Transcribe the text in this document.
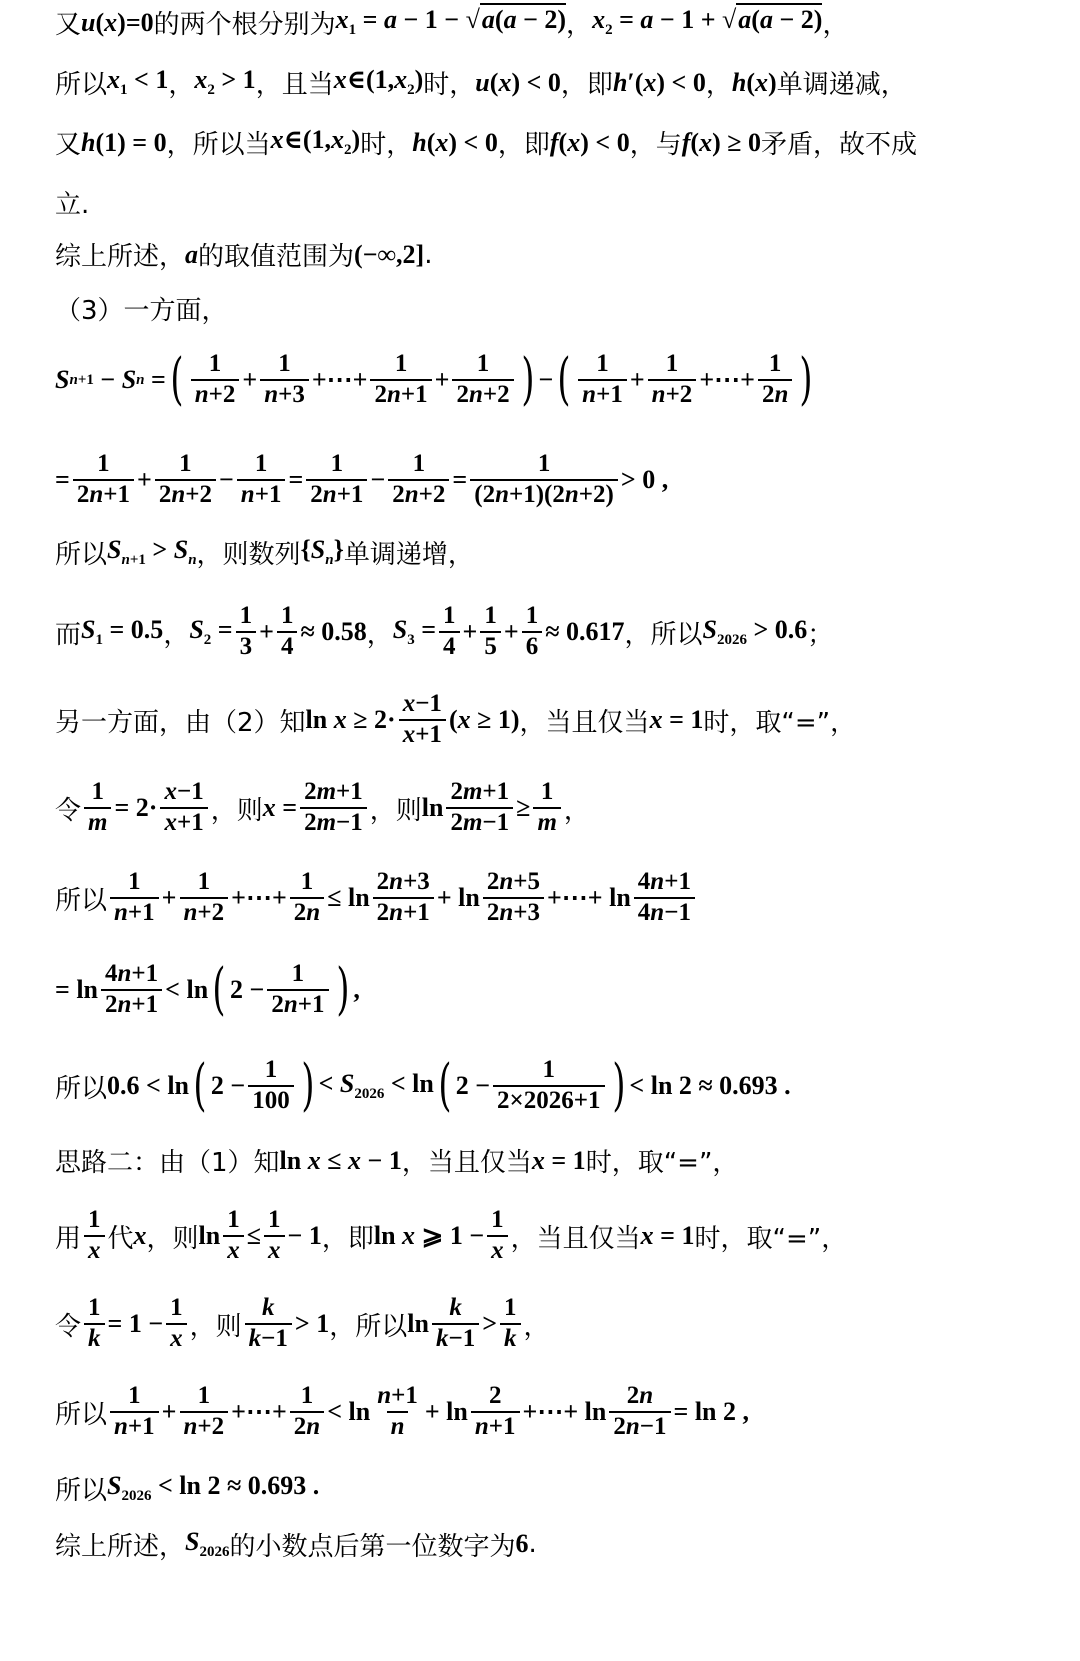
又 u(x)=0 的两个根分别为 $x_1 = a - 1 - √a(a - 2)$ ， $x_2 = a - 1 + √a(a - 2)$ ，
所以 $x_1 < 1$ ， $x_2 > 1$ ，且当 $x\in(1,x_2)$ 时， u(x) < 0 ，即 h′(x) < 0 ， h(x) 单调递减，
又 h(1) = 0 ，所以当 $x\in(1,x_2)$ 时， h(x) < 0 ，即 f(x) < 0 ，与 f(x) ≥ 0 矛盾，故不成
立.
综上所述， a 的取值范围为 (−∞,2] .
（3）一方面，
S n+1 − S n = ( $\frac{1}{n+2} + \frac{1}{n+3}$ +⋯+ $\frac{1}{2n+1} + \frac{1}{2n+2}$ ) − ( $\frac{1}{n+1} + \frac{1}{n+2}$ +⋯+ $\frac{1}{2n}$ )
= $\frac{1}{2n+1} + \frac{1}{2n+2} - \frac{1}{n+1} = \frac{1}{2n+1} - \frac{1}{2n+2} = \frac{1}{(2n+1)(2n+2)} > 0$ ,
所以 $S_{n+1} > S_n$ ，则数列 $\{S_n\}$ 单调递增，
而 $S_1 = 0.5$ ， $S_2 = \frac{1}{3} + \frac{1}{4} \approx 0.58$ ， $S_3 = \frac{1}{4} + \frac{1}{5} + \frac{1}{6} \approx 0.617$ ，所以 $S_{2026} > 0.6$ ；
另一方面，由（2）知 $\ln x \ge 2\cdot \frac{x-1}{x+1} (x \ge 1)$ ，当且仅当 x = 1 时，取“=”，
令 $\frac{1}{m} = 2\cdot \frac{x-1}{x+1}$ ，则 $x = \frac{2m+1}{2m-1}$ ，则 $\ln \frac{2m+1}{2m-1} \ge \frac{1}{m}$ ，
所以 $\frac{1}{n+1} + \frac{1}{n+2}$ +⋯+ $\frac{1}{2n} \le \ln \frac{2n+3}{2n+1} + \ln \frac{2n+5}{2n+3}$ +⋯+ $\ln \frac{4n+1}{4n-1}$
= $\ln \frac{4n+1}{2n+1} < \ln$ ( $2 - \frac{1}{2n+1}$ ) ,
所以 0.6 < ln ( $2 - \frac{1}{100}$ ) < $S_{2026} < \ln$ ( $2 - \frac{1}{2\times 2026+1}$ ) < ln 2 ≈ 0.693 .
思路二：由（1）知 ln x ≤ x − 1 ，当且仅当 x = 1 时，取“=”，
用 $\frac{1}{x}$ 代 x ，则 $\ln \frac{1}{x} \le \frac{1}{x} - 1$ ，即 ln x ⩾ $1 - \frac{1}{x}$ ，当且仅当 x = 1 时，取“=”，
令 $\frac{1}{k} = 1 - \frac{1}{x}$ ，则 $\frac{k}{k-1} > 1$ ，所以 $\ln \frac{k}{k-1} > \frac{1}{k}$ ，
所以 $\frac{1}{n+1} + \frac{1}{n+2}$ +⋯+ $\frac{1}{2n} < \ln \frac{n+1}{n} + \ln \frac{2}{n+1}$ +⋯+ $\ln \frac{2n}{2n-1} = \ln 2$ ,
所以 $S_{2026} < \ln 2 \approx 0.693$ .
综上所述， $S_{2026}$ 的小数点后第一位数字为 6 .
